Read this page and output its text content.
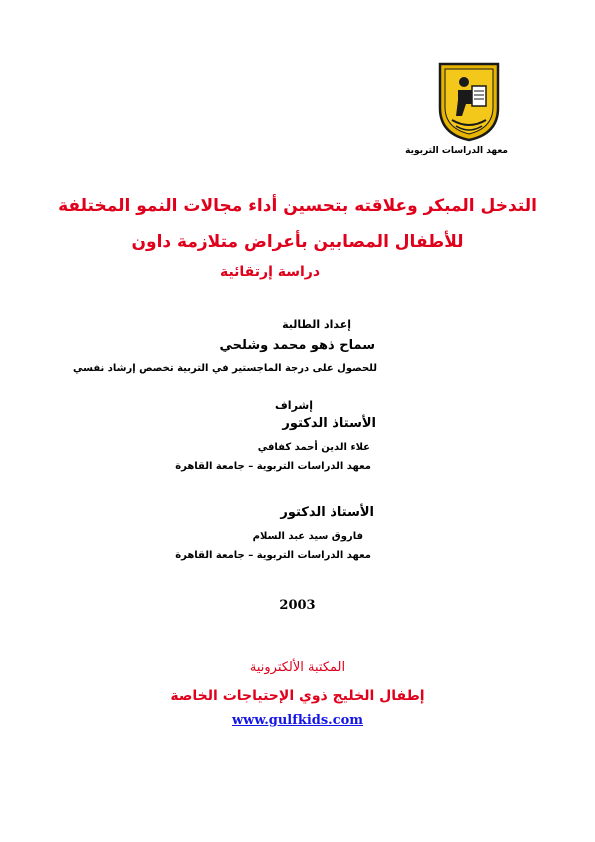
معهد الدراسات التربوية
التدخل المبكر وعلاقته بتحسين أداء مجالات النمو المختلفة
للأطفال المصابين بأعراض متلازمة داون
دراسة إرتقائية
إعداد الطالبة
سماح ذهو محمد وشلحي
للحصول على درجة الماجستير في التربية تخصص إرشاد نفسي
إشراف
الأستاذ الدكتور
علاء الدين أحمد كفافي
معهد الدراسات التربوية – جامعة القاهرة
الأستاذ الدكتور
فاروق سيد عبد السلام
معهد الدراسات التربوية – جامعة القاهرة
2003
المكتبة الألكترونية
إطفال الخليج ذوي الإحتياجات الخاصة
www.gulfkids.com
